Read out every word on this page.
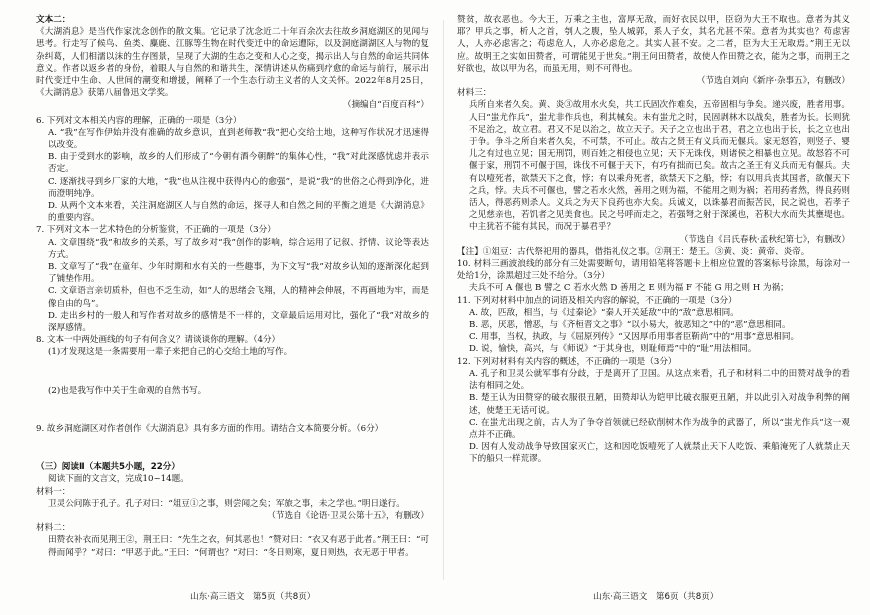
文本二：

《大湖消息》是当代作家沈念创作的散文集。它记录了沈念近二十年百余次去往故乡洞庭湖区的见闻与思考。行走写了候鸟、鱼类、麋鹿、江豚等生物在时代变迁中的命运遭际，以及洞庭湖湖区人与物的复杂纠葛，人们相濡以沫的生存图景，呈现了大湖的生态之变和人心之变，揭示出人与自然的命运共同体意义。作者以返乡者的身份，着眼人与自然的和谐共生，深情讲述从伤痛到疗愈的命运与前行，展示出时代变迁中生命、人世间的潮变和增援，阐释了一个生态行动主义者的人文关怀。2022年8月25日，《大湖消息》获第八届鲁迅文学奖。

（摘编自“百度百科”）

6. 下列对文本相关内容的理解，正确的一项是（3分）

A. “我”在写作伊始并没有准确的故乡意识，直到老师教“我”把心交给土地，这种写作状况才迅速得以改变。

B. 由于受到水的影响，故乡的人们形成了“今朝有酒今朝醉”的集体心性，“我”对此深感忧虑并表示否定。

C. 逐渐找寻到乡厂家的大地，“我”也从注视中获得内心的愈强”，是说“我”的世俗之心得到净化，进而澄明纯净。

D. 从两个文本来看，关注洞庭湖区人与自然的命运，探寻人和自然之间的平衡之道是《大湖消息》的重要内容。

7. 下列对文本一艺术特色的分析鉴赏，不正确的一项是（3分）

A. 文章围绕“我”和故乡的关系，写了故乡对“我”创作的影响，综合运用了记叙、抒情、议论等表达方式。

B. 文章写了“我”在童年、少年时期和水有关的一些趣事，为下文写“我”对故乡认知的逐渐深化起到了铺垫作用。

C. 文章语言亲切质朴，但也不乏生动，如“人的思绪会飞翔，人的精神会伸展，不再画地为牢，而是像自由的鸟”。

D. 走出乡村的一般人和写作者对故乡的感情是不一样的，文章最后运用对比，强化了“我”对故乡的深厚感情。

8. 文本一中两处画线的句子有何含义？请谈谈你的理解。（4分）

(1)才发现这是一条需要用一辈子来把自己的心交给土地的写作。

(2)也是我写作中关于生命观的自然书写。

9. 故乡洞庭湖区对作者创作《大湖消息》具有多方面的作用。请结合文本简要分析。（6分）

（三）阅读Ⅱ（本题共5小题，22分）

阅读下面的文言文，完成10~14题。

材料一：

卫灵公问陈于孔子。孔子对曰：“俎豆①之事，则尝闻之矣；军旅之事，未之学也。”明日遂行。

（节选自《论语·卫灵公第十五》，有删改）

材料二：

田赞衣补衣而见荆王②，荆王曰：“先生之衣，何其恶也！”赞对曰：“衣又有恶于此者。”荆王曰：“可得而闻乎？”对曰：“甲恶于此。”王曰：“何谓也？”对曰：“冬日则寒，夏日则热，衣无恶于甲者。

赞贫，故衣恶也。今大王，万乘之主也，富厚无敌，而好衣民以甲，臣窃为大王不取也。意者为其义耶？甲兵之事，析人之首，刳人之腹，坠人城郭，系人子女，其名尤甚不荣。意者为其实也？苟虑害人，人亦必虑害之；苟虑危人，人亦必虑危之。其实人甚不安。之二者，臣为大王无取焉。”荆王无以应。故明王之实如田赞者，可谓能见于世矣。”荆王问田赞者，故使人作田赞之衣，能为之事，而荆王之好欲也，故以甲为名，而虽无用，则不可得也。

（节选自刘向《新序·杂事五》，有删改）

材料三：

兵所自来者久矣。黄、炎③故用水火矣，共工氏固次作难矣，五帝固相与争矣。递兴废，胜者用事。人曰“蚩尤作兵”，蚩尤非作兵也，利其械矣。未有蚩尤之时，民固剥林木以战矣，胜者为长。长则犹不足治之，故立君。君又不足以治之，故立天子。天子之立也出于君，君之立也出于长，长之立也出于争。争斗之所自来者久矣，不可禁，不可止。故古之贤王有义兵而无偃兵。家无怒笞，则竖子、婴儿之有过也立见；国无刑罚，则百姓之相侵也立见；天下无诛伐，则诸侯之相暴也立见。故怒笞不可偃于家，刑罚不可偃于国，诛伐不可偃于天下，有巧有拙而已矣。故古之圣王有义兵而无有偃兵。夫有以噎死者，欲禁天下之食，悖；有以乘舟死者，欲禁天下之船，悖；有以用兵丧其国者，欲偃天下之兵，悖。夫兵不可偃也，譬之若水火然，善用之则为福，不能用之则为祸；若用药者然，得良药则活人，得恶药则杀人。义兵之为天下良药也亦大矣。兵诚义，以诛暴君而振苦民，民之说也，若孝子之见慈亲也，若饥者之见美食也。民之号呼而走之，若强弩之射于深溪也，若积大水而失其壅堤也。中主犹若不能有其民，而况于暴君乎？

（节选自《吕氏春秋·孟秋纪第七》，有删改）

【注】①俎豆：古代祭祀用的器具，借指礼仪之事。②荆王：楚王。③黄、炎：黄帝、炎帝。

10. 材料三画波浪线的部分有三处需要断句，请用铅笔将答题卡上相应位置的答案标号涂黑，每涂对一处给1分，涂黑超过三处不给分。（3分）

夫兵不可 A 偃也 B 譬之 C 若水火然 D 善用之 E 则为福 F 不能 G 用之则 H 为祸；

11. 下列对材料中加点的词语及相关内容的解说，不正确的一项是（3分）

A. 故，匹敌，相当，与《过秦论》“秦人开关延敌”中的“敌”意思相同。

B. 恶，厌恶，憎恶，与《齐桓晋文之事》“以小易大，彼恶知之”中的“恶”意思相同。

C. 用事，当权，执政，与《屈原列传》“又因厚币用事者臣靳尚”中的“用事”意思相同。

D. 说，愉快，高兴，与《师说》“于其身也，则耻师焉”中的“耻”用法相同。

12. 下列对材料有关内容的概述，不正确的一项是（3分）

A. 孔子和卫灵公就军事有分歧，于是离开了卫国。从这点来看，孔子和材料二中的田赞对战争的看法有相同之处。

B. 楚王认为田赞穿的破衣服很丑陋，田赞却认为铠甲比破衣服更丑陋，并以此引入对战争利弊的阐述，使楚王无话可说。

C. 在蚩尤出现之前，古人为了争夺首领就已经砍削树木作为战争的武器了，所以“蚩尤作兵”这一观点并不正确。

D. 因有人发动战争导致国家灭亡，这和因吃饭噎死了人就禁止天下人吃饭、乘船淹死了人就禁止天下的船只一样荒谬。

山东·高三语文　第5页（共8页）	山东·高三语文　第6页（共8页）
